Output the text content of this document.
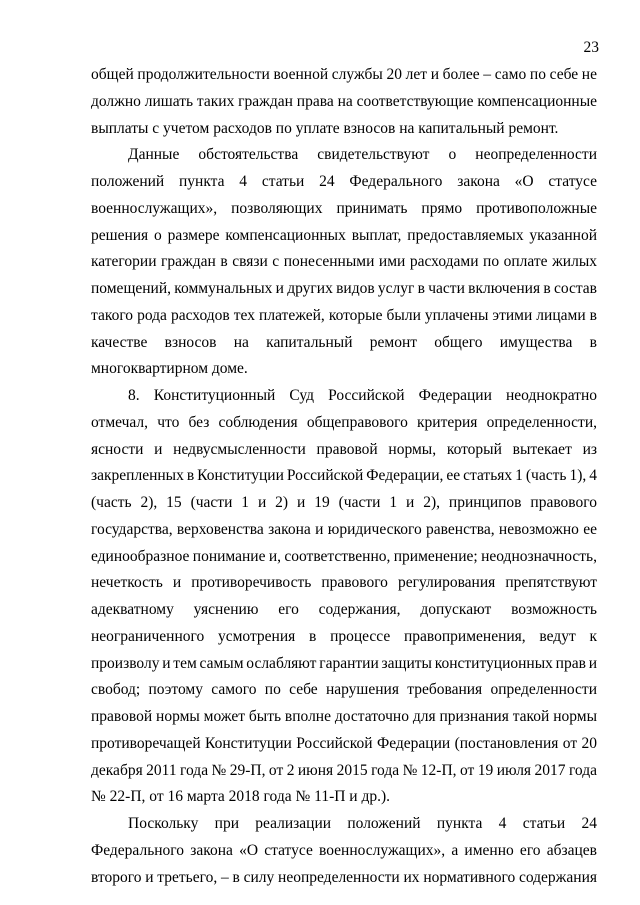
23
общей продолжительности военной службы 20 лет и более – само по себе не
должно лишать таких граждан права на соответствующие компенсационные
выплаты с учетом расходов по уплате взносов на капитальный ремонт.
Данные обстоятельства свидетельствуют о неопределенности
положений пункта 4 статьи 24 Федерального закона «О статусе
военнослужащих», позволяющих принимать прямо противоположные
решения о размере компенсационных выплат, предоставляемых указанной
категории граждан в связи с понесенными ими расходами по оплате жилых
помещений, коммунальных и других видов услуг в части включения в состав
такого рода расходов тех платежей, которые были уплачены этими лицами в
качестве взносов на капитальный ремонт общего имущества в
многоквартирном доме.
8. Конституционный Суд Российской Федерации неоднократно
отмечал, что без соблюдения общеправового критерия определенности,
ясности и недвусмысленности правовой нормы, который вытекает из
закрепленных в Конституции Российской Федерации, ее статьях 1 (часть 1), 4
(часть 2), 15 (части 1 и 2) и 19 (части 1 и 2), принципов правового
государства, верховенства закона и юридического равенства, невозможно ее
единообразное понимание и, соответственно, применение; неоднозначность,
нечеткость и противоречивость правового регулирования препятствуют
адекватному уяснению его содержания, допускают возможность
неограниченного усмотрения в процессе правоприменения, ведут к
произволу и тем самым ослабляют гарантии защиты конституционных прав и
свобод; поэтому самого по себе нарушения требования определенности
правовой нормы может быть вполне достаточно для признания такой нормы
противоречащей Конституции Российской Федерации (постановления от 20
декабря 2011 года № 29-П, от 2 июня 2015 года № 12-П, от 19 июля 2017 года
№ 22-П, от 16 марта 2018 года № 11-П и др.).
Поскольку при реализации положений пункта 4 статьи 24
Федерального закона «О статусе военнослужащих», а именно его абзацев
второго и третьего, – в силу неопределенности их нормативного содержания
